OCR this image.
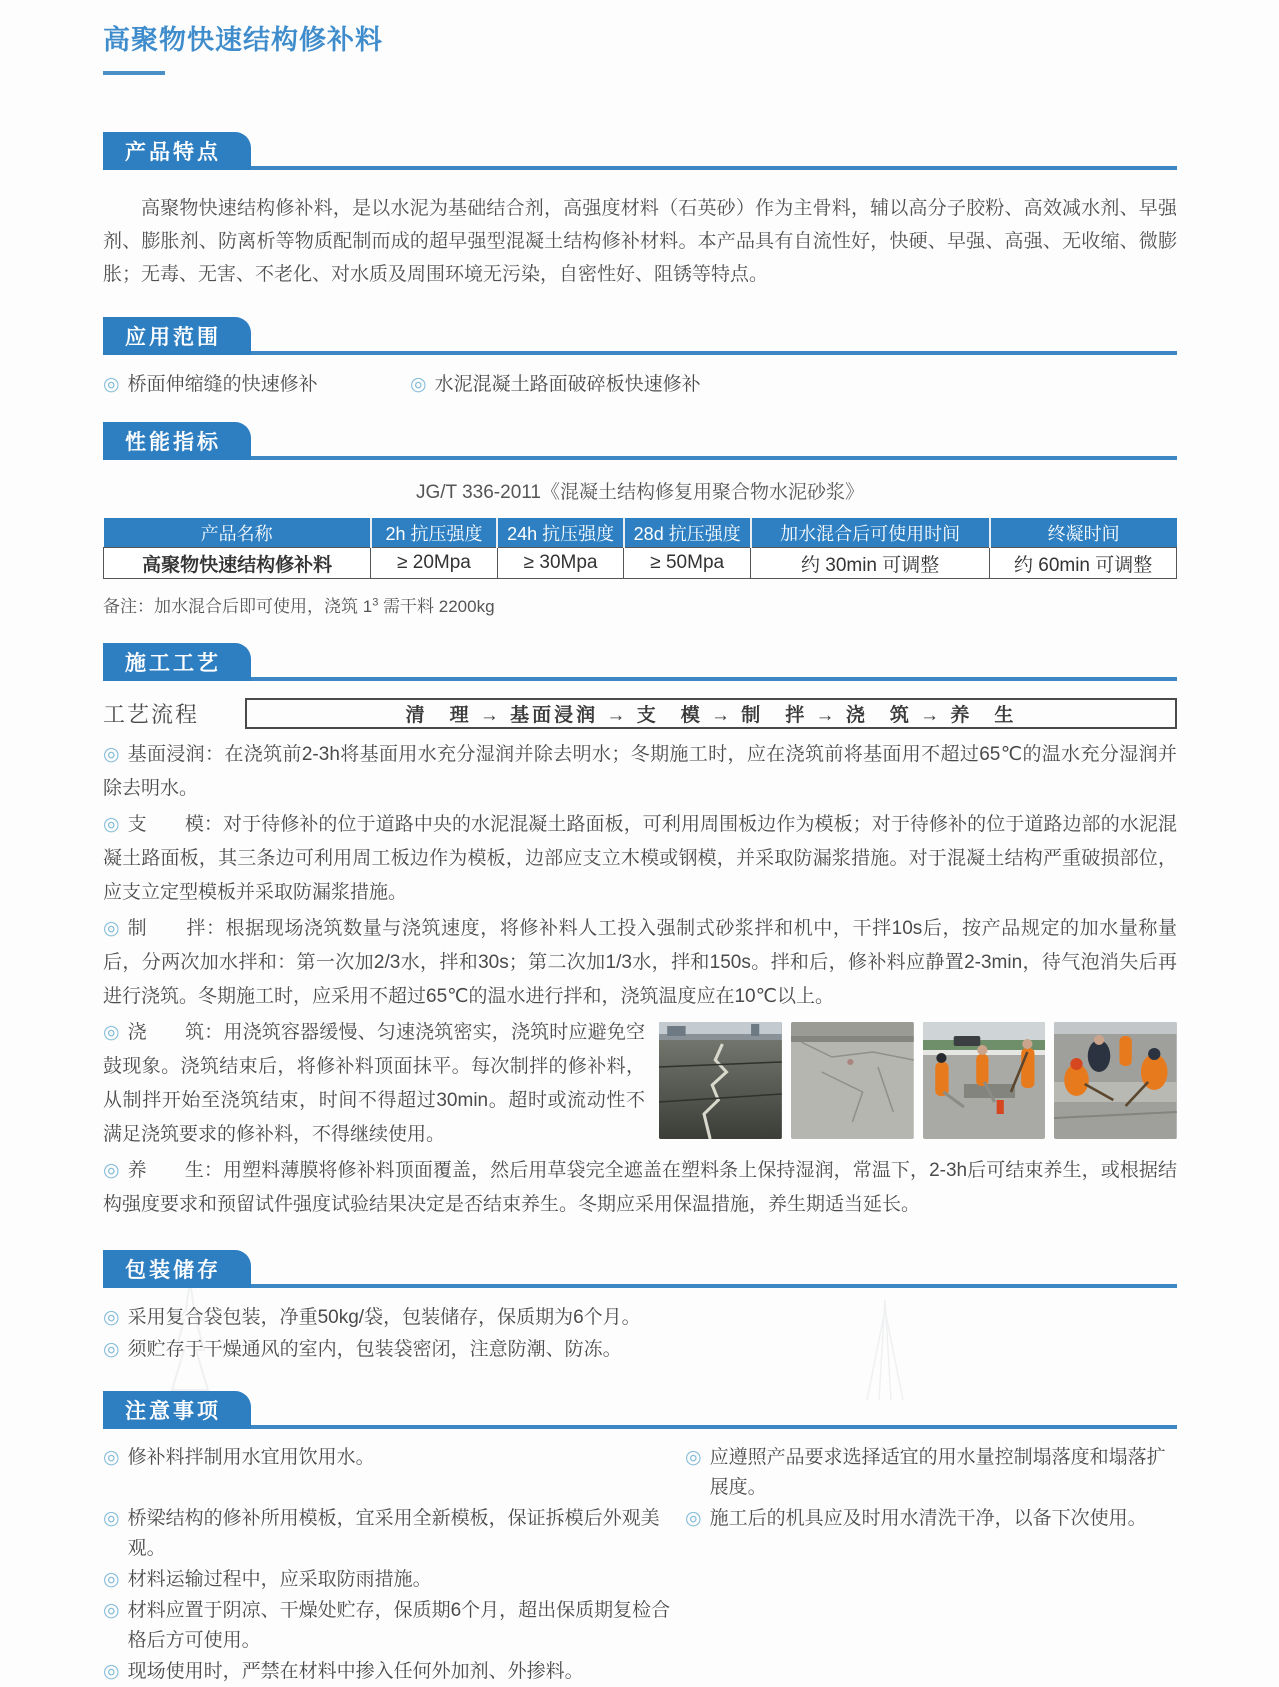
高聚物快速结构修补料
产品特点

高聚物快速结构修补料，是以水泥为基础结合剂，高强度材料（石英砂）作为主骨料，辅以高分子胶粉、高效减水剂、早强剂、膨胀剂、防离析等物质配制而成的超早强型混凝土结构修补材料。本产品具有自流性好，快硬、早强、高强、无收缩、微膨胀；无毒、无害、不老化、对水质及周围环境无污染，自密性好、阻锈等特点。

应用范围
◎ 桥面伸缩缝的快速修补	◎ 水泥混凝土路面破碎板快速修补
性能指标
JG/T 336-2011《混凝土结构修复用聚合物水泥砂浆》
产品名称	2h 抗压强度	24h 抗压强度	28d 抗压强度	加水混合后可使用时间	终凝时间
高聚物快速结构修补料	≥ 20Mpa	≥ 30Mpa	≥ 50Mpa	约 30min 可调整	约 60min 可调整
备注：加水混合后即可使用，浇筑 $1^3$ 需干料 2200kg
施工工艺
工艺流程	清　理 → 基面浸润 → 支　模 → 制　拌 → 浇　筑 → 养　生
◎ 基面浸润：在浇筑前2-3h将基面用水充分湿润并除去明水；冬期施工时，应在浇筑前将基面用不超过65℃的温水充分湿润并除去明水。
◎ 支　　模：对于待修补的位于道路中央的水泥混凝土路面板，可利用周围板边作为模板；对于待修补的位于道路边部的水泥混凝土路面板，其三条边可利用周工板边作为模板，边部应支立木模或钢模，并采取防漏浆措施。对于混凝土结构严重破损部位，应支立定型模板并采取防漏浆措施。
◎ 制　　拌：根据现场浇筑数量与浇筑速度，将修补料人工投入强制式砂浆拌和机中，干拌10s后，按产品规定的加水量称量后，分两次加水拌和：第一次加2/3水，拌和30s；第二次加1/3水，拌和150s。拌和后，修补料应静置2-3min，待气泡消失后再进行浇筑。冬期施工时，应采用不超过65℃的温水进行拌和，浇筑温度应在10℃以上。
◎ 浇　　筑：用浇筑容器缓慢、匀速浇筑密实，浇筑时应避免空鼓现象。浇筑结束后，将修补料顶面抹平。每次制拌的修补料，从制拌开始至浇筑结束，时间不得超过30min。超时或流动性不满足浇筑要求的修补料，不得继续使用。
◎ 养　　生：用塑料薄膜将修补料顶面覆盖，然后用草袋完全遮盖在塑料条上保持湿润，常温下，2-3h后可结束养生，或根据结构强度要求和预留试件强度试验结果决定是否结束养生。冬期应采用保温措施，养生期适当延长。
包装储存
◎ 采用复合袋包装，净重50kg/袋，包装储存，保质期为6个月。
◎ 须贮存于干燥通风的室内，包装袋密闭，注意防潮、防冻。
注意事项
◎ 修补料拌制用水宜用饮用水。	◎ 应遵照产品要求选择适宜的用水量控制塌落度和塌落扩展度。
◎ 桥梁结构的修补所用模板，宜采用全新模板，保证拆模后外观美观。
◎ 施工后的机具应及时用水清洗干净，以备下次使用。
◎ 材料运输过程中，应采取防雨措施。
◎ 材料应置于阴凉、干燥处贮存，保质期6个月，超出保质期复检合格后方可使用。
◎ 现场使用时，严禁在材料中掺入任何外加剂、外掺料。
